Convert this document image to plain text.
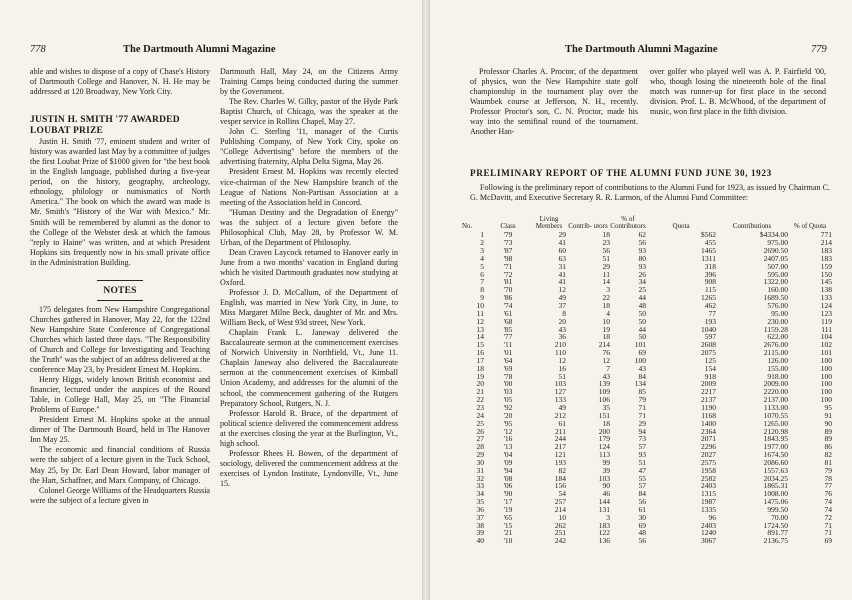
778	The Dartmouth Alumni Magazine

able and wishes to dispose of a copy of Chase's History of Dartmouth College and Hanover, N. H. He may be addressed at 120 Broadway, New York City.

JUSTIN H. SMITH '77 AWARDED LOUBAT PRIZE

Justin H. Smith '77, eminent student and writer of history was awarded last May by a committee of judges the first Loubat Prize of $1000 given for "the best book in the English language, published during a five-year period, on the history, geography, archeology, ethnology, philology or numismatics of North America." The book on which the award was made is Mr. Smith's "History of the War with Mexico." Mr. Smith will be remembered by alumni as the donor to the College of the Webster desk at which the famous "reply to Haine" was written, and at which President Hopkins sits frequently now in his small private office in the Administration Building.

NOTES

175 delegates from New Hampshire Congregational Churches gathered in Hanover, May 22, for the 122nd New Hampshire State Conference of Congregational Churches which lasted three days. "The Responsibility of Church and College for Investigating and Teaching the Truth" was the subject of an address delivered at the conference May 23, by President Ernest M. Hopkins.

Henry Higgs, widely known British economist and financier, lectured under the auspices of the Round Table, in College Hall, May 25, on "The Financial Problems of Europe."

President Ernest M. Hopkins spoke at the annual dinner of The Dartmouth Board, held in The Hanover Inn May 25.

The economic and financial conditions of Russia were the subject of a lecture given in the Tuck School, May 25, by Dr. Earl Dean Howard, labor manager of the Hart, Schaffner, and Marx Company, of Chicago.

Colonel George Williams of the Headquarters Russia were the subject of a lecture given in

Dartmouth Hall, May 24, on the Citizens Army Training Camps being conducted during the summer by the Government.

The Rev. Charles W. Gilky, pastor of the Hyde Park Baptist Church, of Chicago, was the speaker at the vesper service in Rollins Chapel, May 27.

John C. Sterling '11, manager of the Curtis Publishing Company, of New York City, spoke on "College Advertising" before the members of the advertising fraternity, Alpha Delta Sigma, May 26.

President Ernest M. Hopkins was recently elected vice-chairman of the New Hampshire branch of the League of Nations Non-Partisan Association at a meeting of the Association held in Concord.

"Human Destiny and the Degradation of Energy" was the subject of a lecture given before the Philosophical Club, May 28, by Professor W. M. Urban, of the Department of Philosophy.

Dean Craven Laycock returned to Hanover early in June from a two months' vacation in England during which he visited Dartmouth graduates now studying at Oxford.

Professor J. D. McCallum, of the Department of English, was married in New York City, in June, to Miss Margaret Milne Beck, daughter of Mr. and Mrs. William Beck, of West 93d street, New York.

Chaplain Frank L. Janeway delivered the Baccalaureate sermon at the commencement exercises of Norwich University in Northfield, Vt., June 11. Chaplain Janeway also delivered the Baccalaureate sermon at the commencement exercises of Kimball Union Academy, and addresses for the alumni of the school, the commencement gathering of the Rutgers Preparatory School, Rutgers, N. J.

Professor Harold R. Bruce, of the department of political science delivered the commencement address at the exercises closing the year at the Burlington, Vt., high school.

Professor Rhees H. Bowen, of the department of sociology, delivered the commencement address at the exercises of Lyndon Institute, Lyndonville, Vt., June 15.

The Dartmouth Alumni Magazine	779

Professor Charles A. Proctor, of the department of physics, won the New Hampshire state golf championship in the tournament play over the Waumbek course at Jefferson, N. H., recently. Professor Proctor's son, C. N. Proctor, made his way into the semifinal round of the tournament. Another Han-

over golfer who played well was A. P. Fairfield '00, who, though losing the nineteenth hole of the final match was runner-up for first place in the second division. Prof. L. B. McWhood, of the department of music, won first place in the fifth division.

PRELIMINARY REPORT OF THE ALUMNI FUND JUNE 30, 1923
Following is the preliminary report of contributions to the Alumni Fund for 1923, as issued by Chairman C. G. McDavitt, and Executive Secretary R. R. Larmon, of the Alumni Fund Committee:
No.	Class	Living Members	Contrib- utors	% of Contributors	Quota	Contributions	% of Quota
1	'79	29	18	62	$562	$4334.00	771
2	'73	41	23	56	455	975.00	214
3	'87	60	56	93	1465	2690.50	183
4	'98	63	51	80	1311	2407.05	183
5	'71	31	29	93	318	507.00	159
6	'72	41	11	26	396	595.00	150
7	'81	41	14	34	908	1322.00	145
8	'70	12	3	25	115	160.00	138
9	'86	49	22	44	1265	1689.50	133
10	'74	37	18	48	462	576.00	124
11	'61	8	4	50	77	95.00	123
12	'68	20	10	50	193	230.00	119
13	'85	43	19	44	1040	1159.28	111
14	'77	36	18	50	597	622.00	104
15	'11	210	214	101	2608	2676.00	102
16	'01	110	76	69	2075	2115.00	101
17	'64	12	12	100	125	126.00	100
18	'69	16	7	43	154	155.00	100
19	'78	51	43	84	918	918.00	100
20	'00	103	139	134	2009	2009.00	100
21	'03	127	109	85	2217	2220.00	100
22	'05	133	106	79	2137	2137.00	100
23	'92	49	35	71	1190	1133.00	95
24	'20	212	151	71	1168	1070.55	91
25	'95	61	18	29	1400	1265.00	90
26	'12	211	200	94	2364	2120.98	89
27	'16	244	179	73	2071	1843.95	89
28	'13	217	124	57	2296	1977.00	86
29	'04	121	113	93	2027	1674.50	82
30	'09	193	99	51	2575	2086.60	81
31	'94	82	39	47	1958	1557.63	79
32	'08	184	103	55	2582	2034.25	78
33	'06	156	90	57	2403	1865.31	77
34	'90	54	46	84	1315	1008.00	76
35	'17	257	144	56	1987	1475.06	74
36	'19	214	131	61	1335	999.50	74
37	'65	10	3	30	96	70.00	72
38	'15	262	183	69	2403	1724.50	71
39	'21	251	122	48	1240	891.77	71
40	'10	242	136	56	3067	2136.75	69
